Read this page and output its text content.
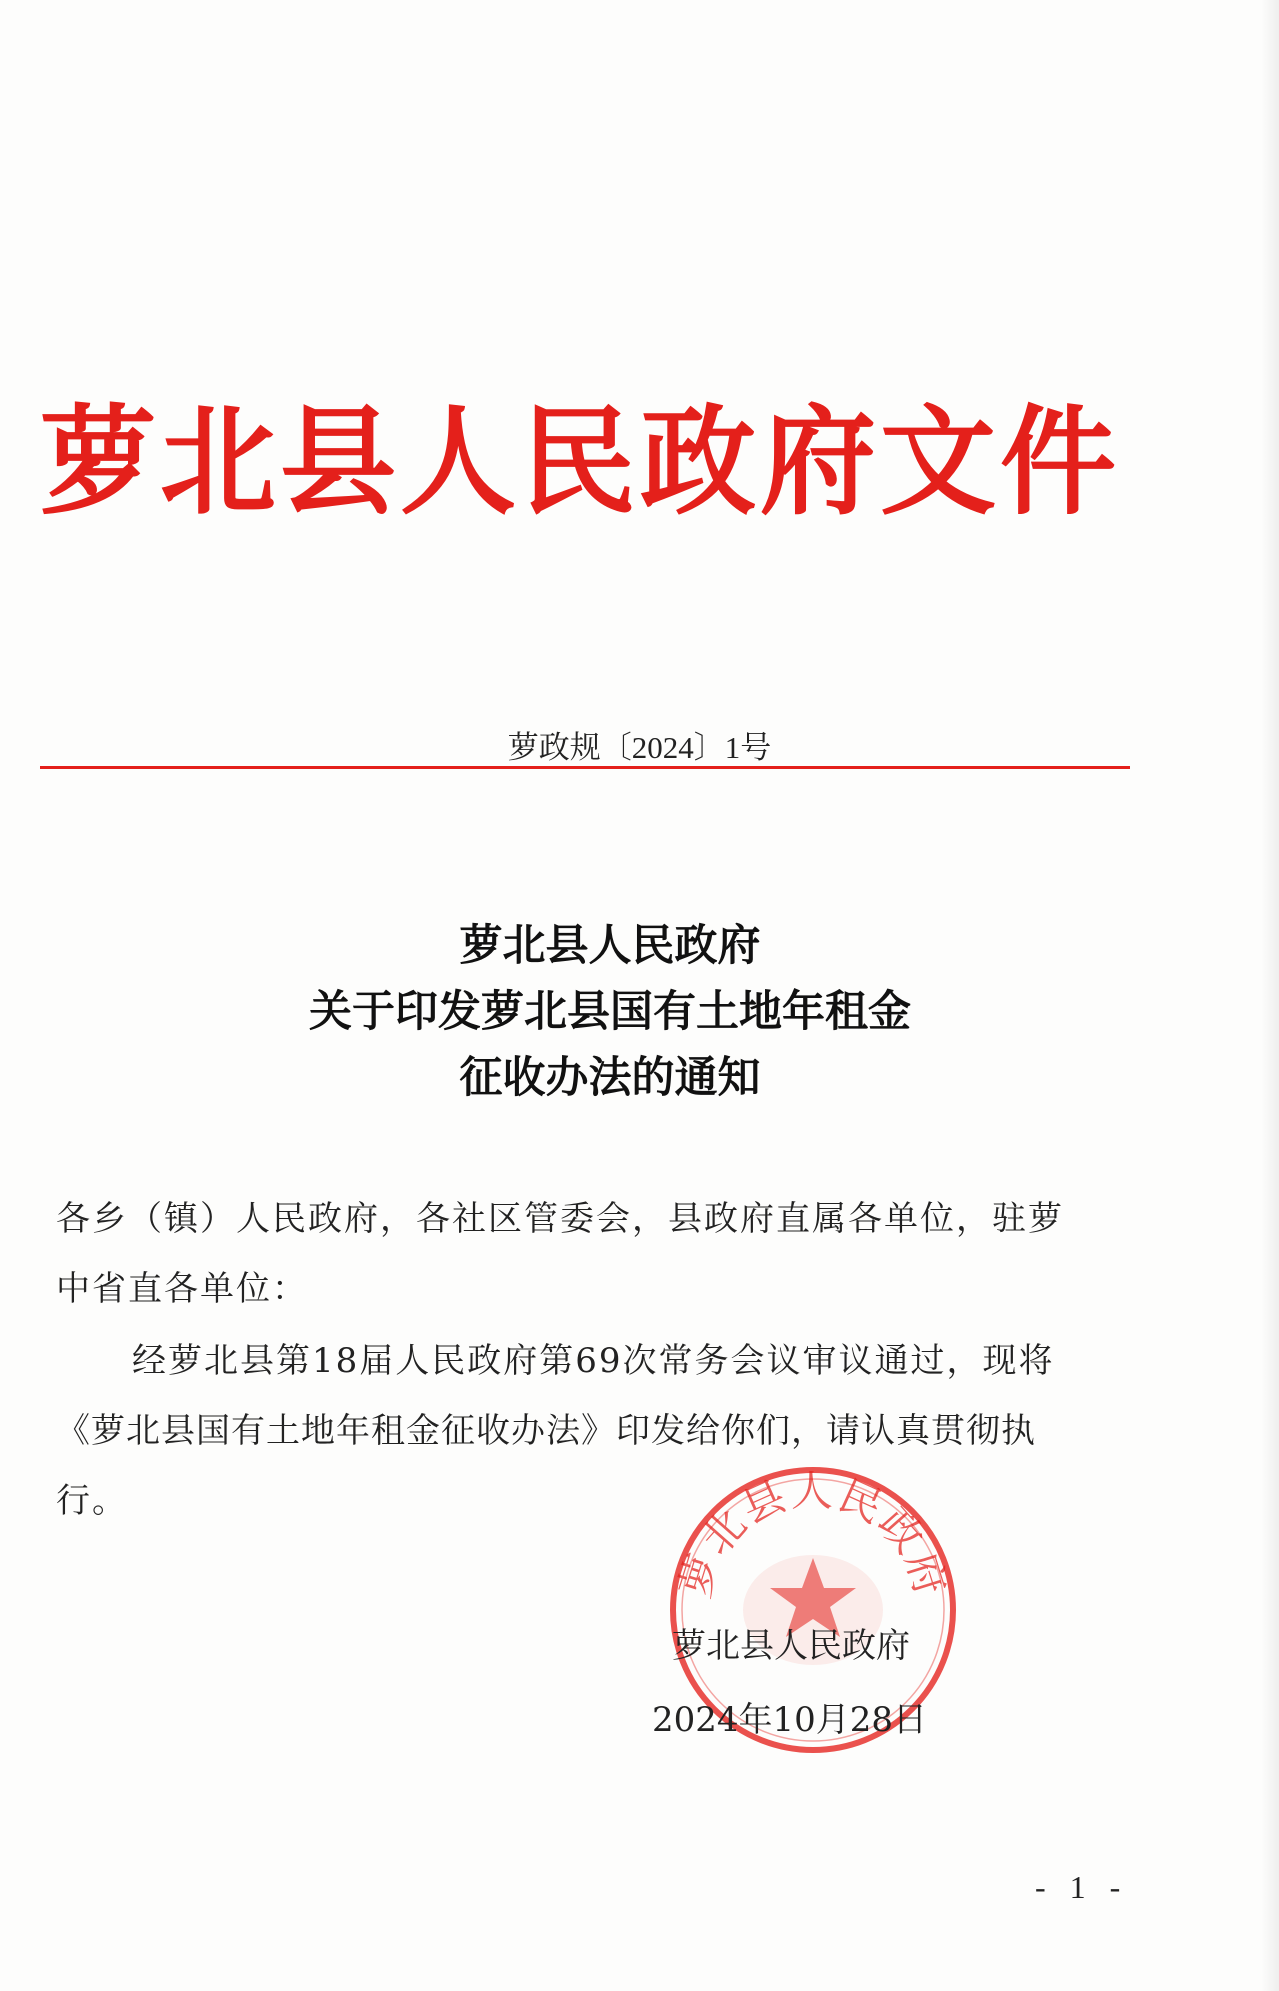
萝北县人民政府文件
萝政规〔2024〕1号
萝北县人民政府
关于印发萝北县国有土地年租金
征收办法的通知
各乡（镇）人民政府，各社区管委会，县政府直属各单位，驻萝
中省直各单位：
经萝北县第18届人民政府第69次常务会议审议通过，现将
《萝北县国有土地年租金征收办法》印发给你们，请认真贯彻执
行。
萝北县人民政府
萝北县人民政府
2024年10月28日
- 1 -
